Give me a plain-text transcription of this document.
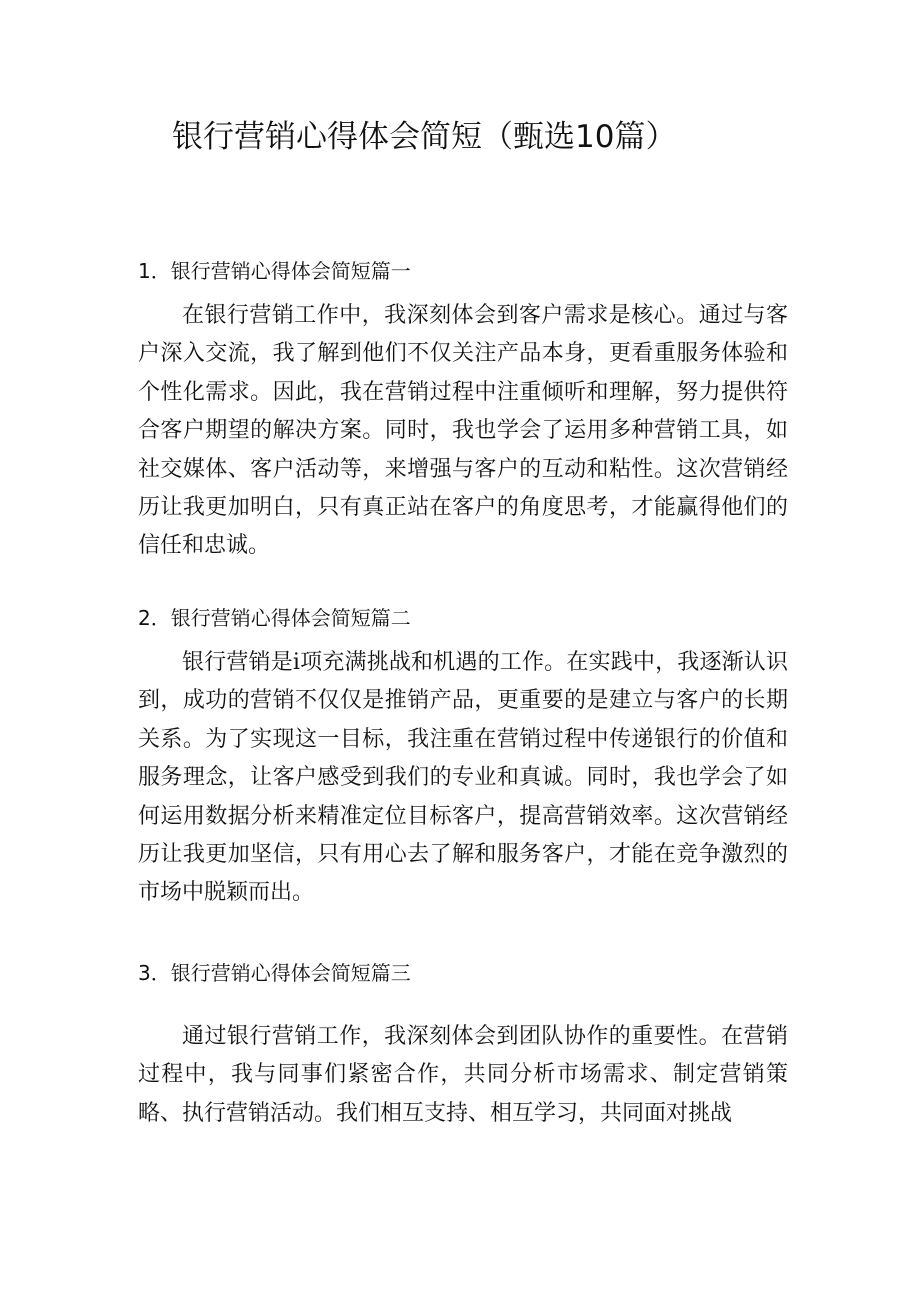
银行营销心得体会简短（甄选10篇）
1．银行营销心得体会简短篇一

在银行营销工作中，我深刻体会到客户需求是核心。通过与客户深入交流，我了解到他们不仅关注产品本身，更看重服务体验和个性化需求。因此，我在营销过程中注重倾听和理解，努力提供符合客户期望的解决方案。同时，我也学会了运用多种营销工具，如社交媒体、客户活动等，来增强与客户的互动和粘性。这次营销经历让我更加明白，只有真正站在客户的角度思考，才能赢得他们的信任和忠诚。

2．银行营销心得体会简短篇二

银行营销是i项充满挑战和机遇的工作。在实践中，我逐渐认识到，成功的营销不仅仅是推销产品，更重要的是建立与客户的长期关系。为了实现这一目标，我注重在营销过程中传递银行的价值和服务理念，让客户感受到我们的专业和真诚。同时，我也学会了如何运用数据分析来精准定位目标客户，提高营销效率。这次营销经历让我更加坚信，只有用心去了解和服务客户，才能在竞争激烈的市场中脱颖而出。

3．银行营销心得体会简短篇三

通过银行营销工作，我深刻体会到团队协作的重要性。在营销过程中，我与同事们紧密合作，共同分析市场需求、制定营销策略、执行营销活动。我们相互支持、相互学习，共同面对挑战
